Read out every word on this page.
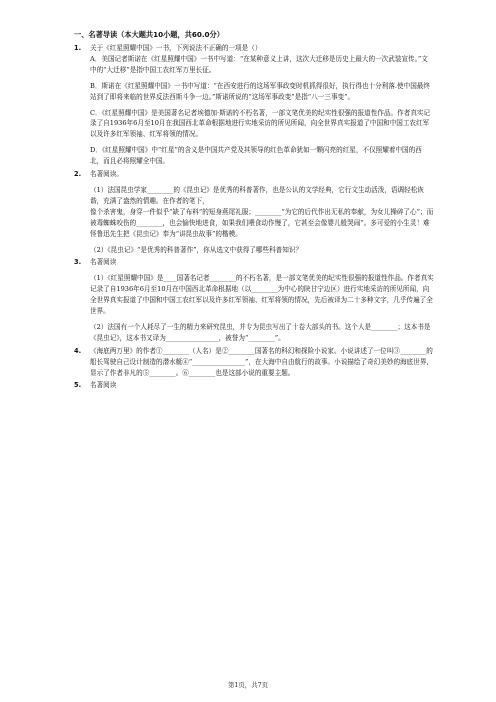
一、名著导读（本大题共10小题，共60.0分）
1.	关于《红星照耀中国》一书，下列说法不正确的一项是（）

A．美国记者斯诺在《红星照耀中国》一书中写道：“在某种意义上讲，这次大迁移是历史上最大的一次武装宣传。”文中的“大迁移”是指中国工农红军万里长征。

B．斯诺在《红星照耀中国》一书中写道：“在西安进行的这场军事政变时机抓得很好，执行得也十分利落.使中国最终站到了即将来临的世界反法西斯斗争一边。”斯诺所说的“这场军事政变”是指“八一三事变”。

C．《红星照耀中国》是美国著名记者埃德加·斯诺的不朽名著，一部文笔优美的纪实性很强的报道性作品。作者真实记录了自1936年6月至10月在我国西北革命根据地进行实地采访的所见所闻，向全世界真实报道了中国和中国工农红军以及许多红军领袖、红军将领的情况。

D．《红星照耀中国》中“红星”的含义是中国共产党及其领导的红色革命犹如一颗闪亮的红星，不仅照耀着中国的西北，而且必将照耀全中国。

2.	名著阅读。

（1）法国昆虫学家________的《昆虫记》是优秀的科普著作，也是公认的文学经典，它行文生动活泼，语调轻松诙谐，充满了盎然的情趣。在作者的笔下，

像个杀害鬼，身穿一件似乎“缺了布料”的短身燕尾礼服；________“为它的后代作出无私的奉献，为女儿操碎了心”；而被毒蜘蛛咬伤的________，也会愉快地进食，如果我们喂食动作慢了，它甚至会像婴儿般哭闹”。多可爱的小生灵！难怪鲁迅先生把《昆虫记》奉为“讲昆虫故事”的楷模。

（2）《昆虫记》“是优秀的科普著作”，你从选文中获得了哪些科普知识？

3.	名著阅读

（1）《红星照耀中国》是____国著名记者________的不朽名著，是一部文笔优美的纪实性很强的报道性作品。作者真实记录了自1936年6月至10月在中国西北革命根据地（以________为中心的陕甘宁边区）进行实地采访的所见所闻，向全世界真实报道了中国和中国工农红军以及许多红军领袖、红军将领的情况，先后被译为二十多种文字，几乎传遍了全世界。

（2）法国有一个人耗尽了一生的精力来研究昆虫，并专为昆虫写出了十卷大部头的书。这个人是________；这本书是《昆虫记》，这本书又译为________________，被誉为“________”。

4.	《海底两万里》的作者①________（人名）是②________国著名的科幻和探险小说家。小说讲述了一位叫③________的船长驾驶自己设计制造的潜水艇④“________________”，在大海中自由航行的故事。小说描绘了奇幻美妙的海底世界，显示了作者非凡的⑤________。⑥________也是这部小说的重要主题。

5.	名著阅读

第1页，共7页
